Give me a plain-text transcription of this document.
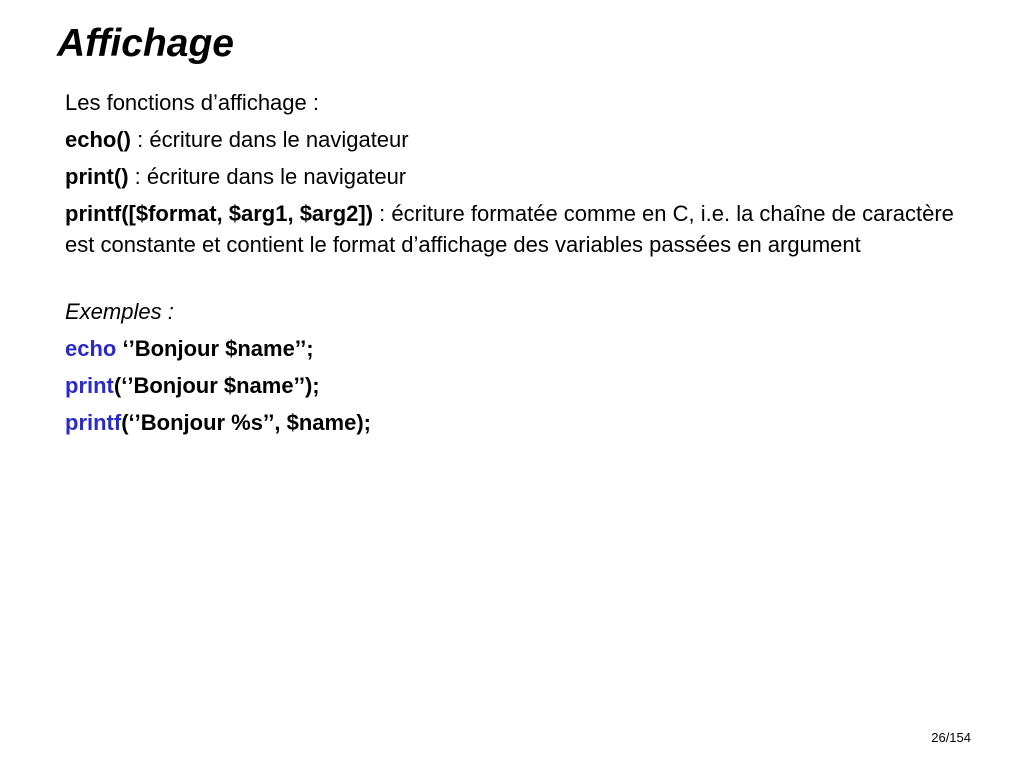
Affichage

Les fonctions d’affichage :

echo() : écriture dans le navigateur

print() : écriture dans le navigateur

printf([$format, $arg1, $arg2]) : écriture formatée comme en C, i.e. la chaîne de caractère est constante et contient le format d’affichage des variables passées en argument

Exemples :

echo ‘’Bonjour $name’’;

print(‘’Bonjour $name’’);

printf(‘’Bonjour %s’’, $name);

26/154
